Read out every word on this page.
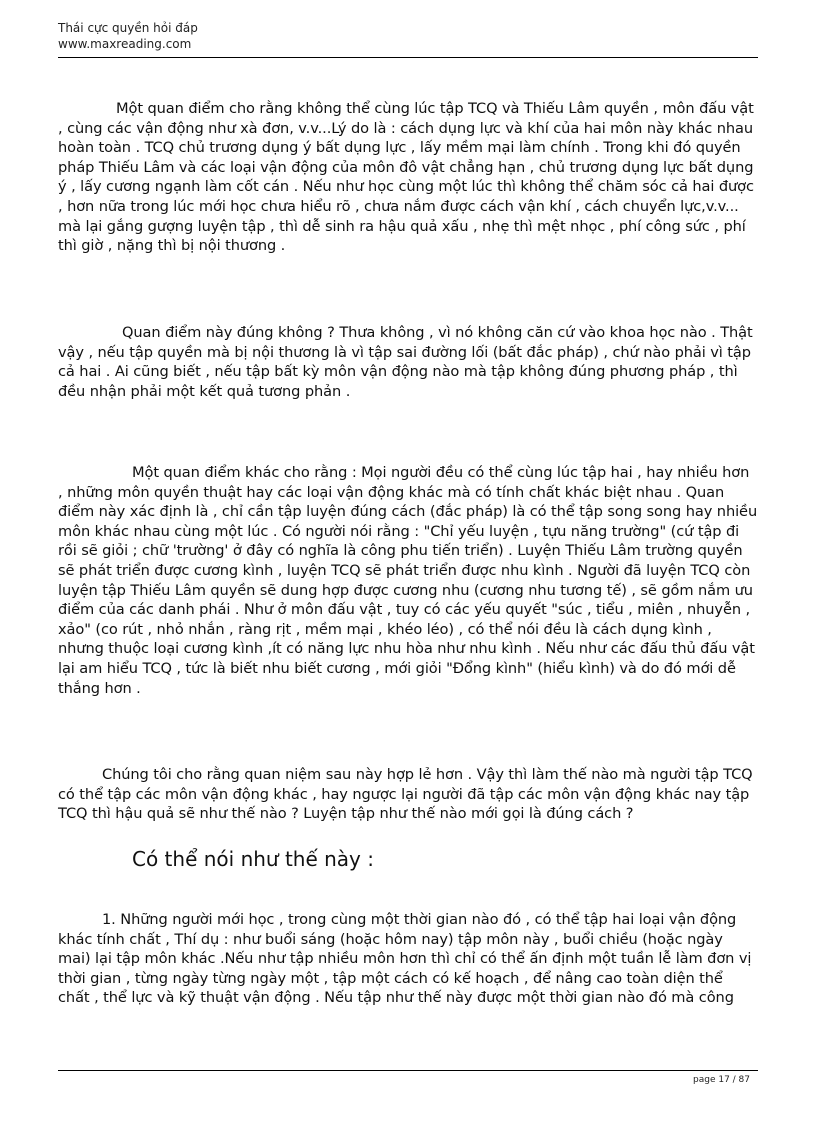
Thái cực quyền hỏi đáp
www.maxreading.com

Một quan điểm cho rằng không thể cùng lúc tập TCQ và Thiếu Lâm quyền , môn đấu vật , cùng các vận động như xà đơn, v.v...Lý do là : cách dụng lực và khí của hai môn này khác nhau hoàn toàn . TCQ chủ trương dụng ý bất dụng lực , lấy mềm mại làm chính . Trong khi đó quyền pháp Thiếu Lâm và các loại vận động của môn đô vật chẳng hạn , chủ trương dụng lực bất dụng ý , lấy cương ngạnh làm cốt cán . Nếu như học cùng một lúc thì không thể chăm sóc cả hai được , hơn nữa trong lúc mới học chưa hiểu rõ , chưa nắm được cách vận khí , cách chuyển lực,v.v... mà lại gắng gượng luyện tập , thì dễ sinh ra hậu quả xấu , nhẹ thì mệt nhọc , phí công sức , phí thì giờ , nặng thì bị nội thương .

Quan điểm này đúng không ? Thưa không , vì nó không căn cứ vào khoa học nào . Thật vậy , nếu tập quyền mà bị nội thương là vì tập sai đường lối (bất đắc pháp) , chứ nào phải vì tập cả hai . Ai cũng biết , nếu tập bất kỳ môn vận động nào mà tập không đúng phương pháp , thì đều nhận phải một kết quả tương phản .

Một quan điểm khác cho rằng : Mọi người đều có thể cùng lúc tập hai , hay nhiều hơn , những môn quyền thuật hay các loại vận động khác mà có tính chất khác biệt nhau . Quan điểm này xác định là , chỉ cần tập luyện đúng cách (đắc pháp) là có thể tập song song hay nhiều môn khác nhau cùng một lúc . Có người nói rằng : "Chỉ yếu luyện , tựu năng trường" (cứ tập đi rồi sẽ giỏi ; chữ 'trường' ở đây có nghĩa là công phu tiến triển) . Luyện Thiếu Lâm trường quyền sẽ phát triển được cương kình , luyện TCQ sẽ phát triển được nhu kình . Người đã luyện TCQ còn luyện tập Thiếu Lâm quyền sẽ dung hợp được cương nhu (cương nhu tương tế) , sẽ gồm nắm ưu điểm của các danh phái . Như ở môn đấu vật , tuy có các yếu quyết "súc , tiểu , miên , nhuyễn , xảo" (co rút , nhỏ nhắn , ràng rịt , mềm mại , khéo léo) , có thể nói đều là cách dụng kình , nhưng thuộc loại cương kình ,ít có năng lực nhu hòa như nhu kình . Nếu như các đấu thủ đấu vật lại am hiểu TCQ , tức là biết nhu biết cương , mới giỏi "Đổng kình" (hiểu kình) và do đó mới dễ thắng hơn .

Chúng tôi cho rằng quan niệm sau này hợp lẻ hơn . Vậy thì làm thế nào mà người tập TCQ có thể tập các môn vận động khác , hay ngược lại người đã tập các môn vận động khác nay tập TCQ thì hậu quả sẽ như thế nào ? Luyện tập như thế nào mới gọi là đúng cách ?

Có thể nói như thế này :

1. Những người mới học , trong cùng một thời gian nào đó , có thể tập hai loại vận động khác tính chất , Thí dụ : như buổi sáng (hoặc hôm nay) tập môn này , buổi chiều (hoặc ngày mai) lại tập môn khác .Nếu như tập nhiều môn hơn thì chỉ có thể ấn định một tuần lễ làm đơn vị thời gian , từng ngày từng ngày một , tập một cách có kế hoạch , để nâng cao toàn diện thể chất , thể lực và kỹ thuật vận động . Nếu tập như thế này được một thời gian nào đó mà công

page 17 / 87
